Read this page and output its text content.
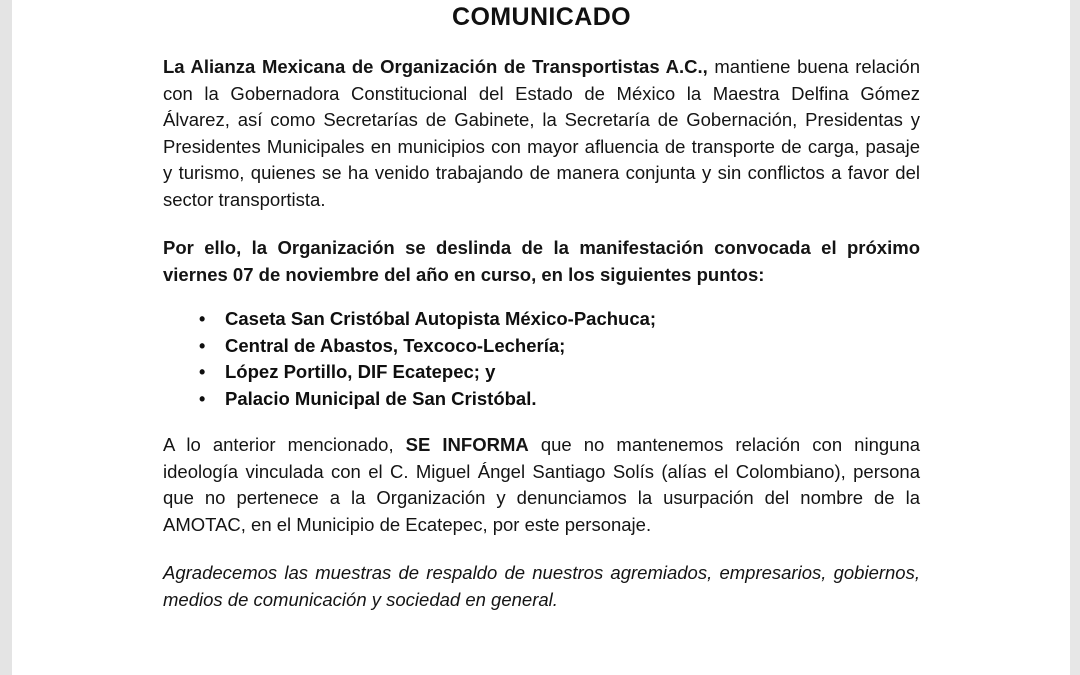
COMUNICADO

La Alianza Mexicana de Organización de Transportistas A.C., mantiene buena relación con la Gobernadora Constitucional del Estado de México la Maestra Delfina Gómez Álvarez, así como Secretarías de Gabinete, la Secretaría de Gobernación, Presidentas y Presidentes Municipales en municipios con mayor afluencia de transporte de carga, pasaje y turismo, quienes se ha venido trabajando de manera conjunta y sin conflictos a favor del sector transportista.

Por ello, la Organización se deslinda de la manifestación convocada el próximo viernes 07 de noviembre del año en curso, en los siguientes puntos:

• Caseta San Cristóbal Autopista México-Pachuca;
• Central de Abastos, Texcoco-Lechería;
• López Portillo, DIF Ecatepec; y
• Palacio Municipal de San Cristóbal.

A lo anterior mencionado, SE INFORMA que no mantenemos relación con ninguna ideología vinculada con el C. Miguel Ángel Santiago Solís (alías el Colombiano), persona que no pertenece a la Organización y denunciamos la usurpación del nombre de la AMOTAC, en el Municipio de Ecatepec, por este personaje.

Agradecemos las muestras de respaldo de nuestros agremiados, empresarios, gobiernos, medios de comunicación y sociedad en general.
